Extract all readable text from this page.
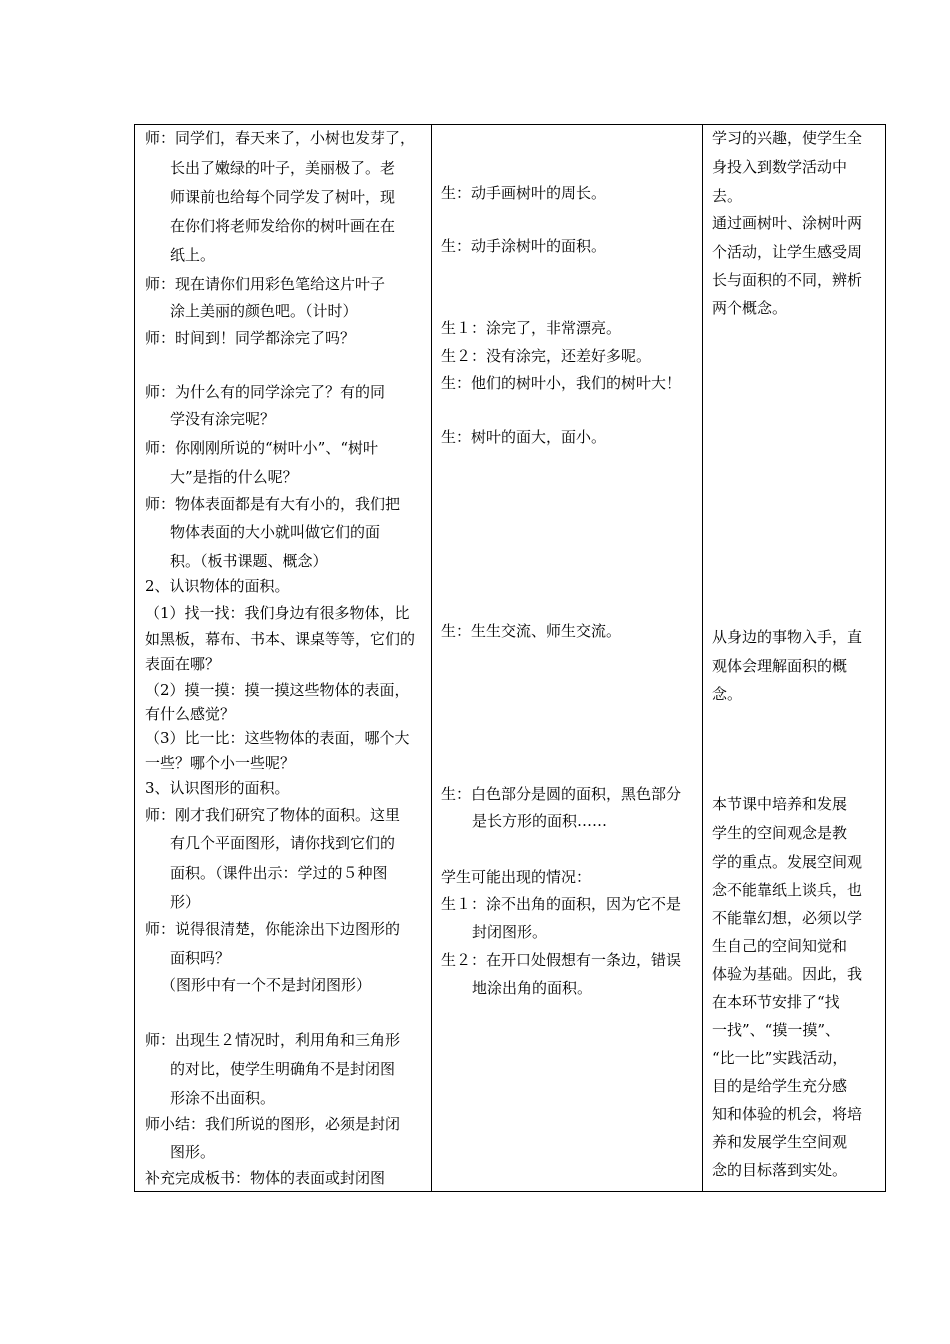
师：同学们，春天来了，小树也发芽了，
长出了嫩绿的叶子，美丽极了。老
师课前也给每个同学发了树叶，现
在你们将老师发给你的树叶画在在
纸上。
师：现在请你们用彩色笔给这片叶子
涂上美丽的颜色吧。（计时）
师：时间到！同学都涂完了吗？
师：为什么有的同学涂完了？有的同
学没有涂完呢？
师：你刚刚所说的“树叶小”、“树叶
大”是指的什么呢？
师：物体表面都是有大有小的，我们把
物体表面的大小就叫做它们的面
积。（板书课题、概念）
2、认识物体的面积。
（1）找一找：我们身边有很多物体，比
如黑板，幕布、书本、课桌等等，它们的
表面在哪？
（2）摸一摸：摸一摸这些物体的表面，
有什么感觉？
（3）比一比：这些物体的表面，哪个大
一些？哪个小一些呢？
3、认识图形的面积。
师：刚才我们研究了物体的面积。这里
有几个平面图形，请你找到它们的
面积。（课件出示：学过的５种图
形）
师：说得很清楚，你能涂出下边图形的
面积吗？
（图形中有一个不是封闭图形）
师：出现生２情况时，利用角和三角形
的对比，使学生明确角不是封闭图
形涂不出面积。
师小结：我们所说的图形，必须是封闭
图形。
补充完成板书：物体的表面或封闭图
生：动手画树叶的周长。
生：动手涂树叶的面积。
生１：涂完了，非常漂亮。
生２：没有涂完，还差好多呢。
生：他们的树叶小，我们的树叶大！
生：树叶的面大，面小。
生：生生交流、师生交流。
生：白色部分是圆的面积，黑色部分
是长方形的面积……
学生可能出现的情况：
生１：涂不出角的面积，因为它不是
封闭图形。
生２：在开口处假想有一条边，错误
地涂出角的面积。
学习的兴趣，使学生全
身投入到数学活动中
去。
通过画树叶、涂树叶两
个活动，让学生感受周
长与面积的不同，辨析
两个概念。
从身边的事物入手，直
观体会理解面积的概
念。
本节课中培养和发展
学生的空间观念是教
学的重点。发展空间观
念不能靠纸上谈兵，也
不能靠幻想，必须以学
生自己的空间知觉和
体验为基础。因此，我
在本环节安排了“找
一找”、“摸一摸”、
“比一比”实践活动，
目的是给学生充分感
知和体验的机会，将培
养和发展学生空间观
念的目标落到实处。
